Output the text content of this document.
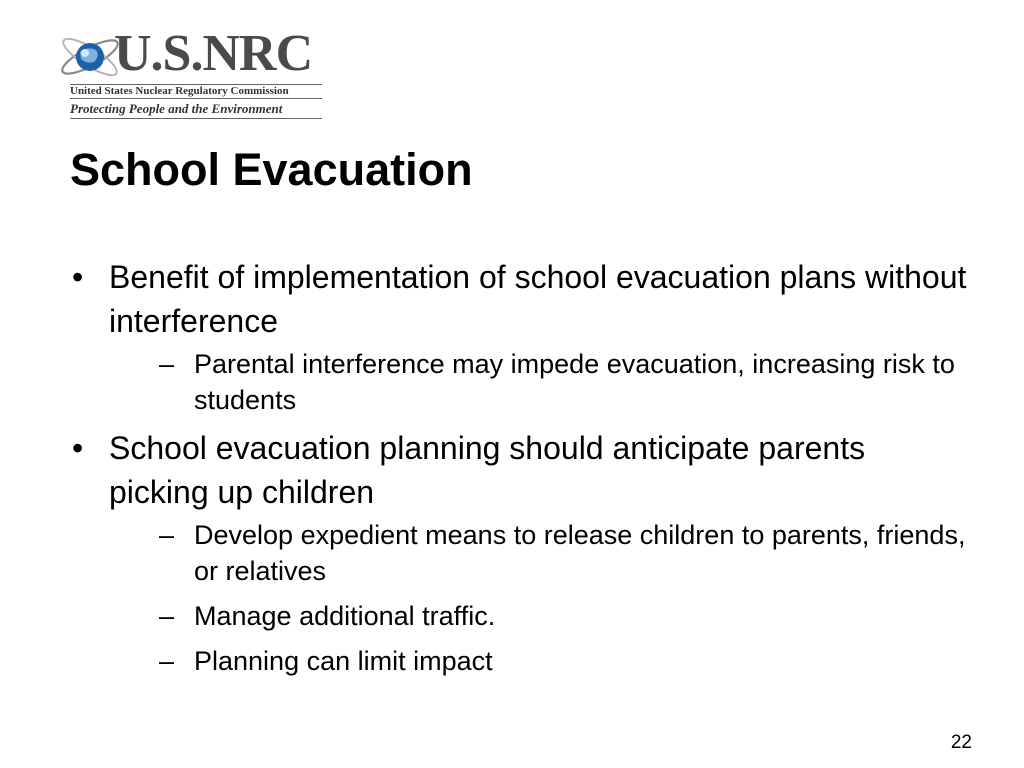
U.S.NRC
United States Nuclear Regulatory Commission
Protecting People and the Environment
School Evacuation
• Benefit of implementation of school evacuation plans without interference
– Parental interference may impede evacuation, increasing risk to students
• School evacuation planning should anticipate parents picking up children
– Develop expedient means to release children to parents, friends, or relatives
– Manage additional traffic.
– Planning can limit impact
22
